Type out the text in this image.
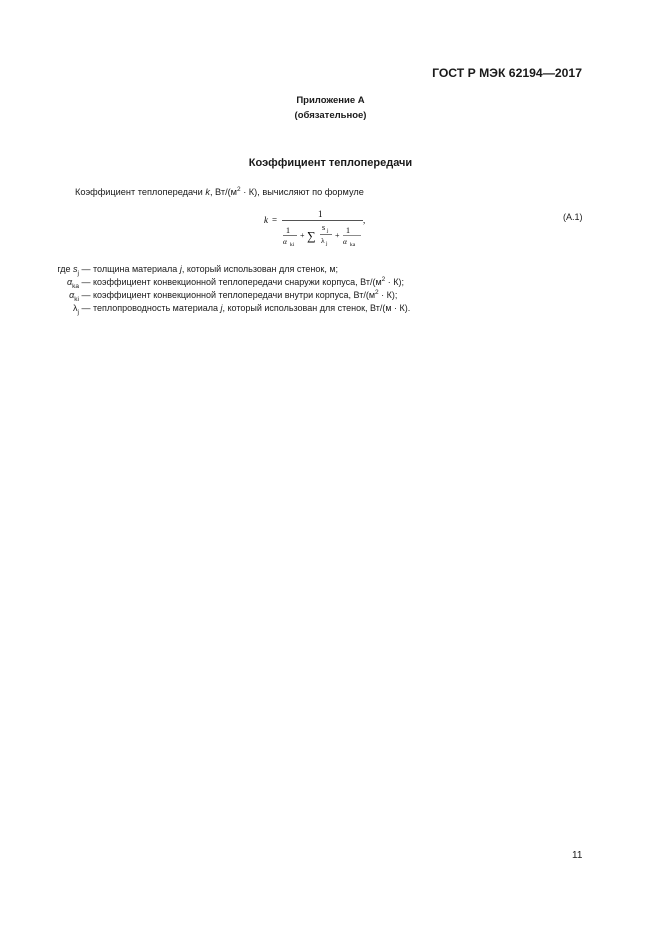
ГОСТ Р МЭК 62194—2017
Приложение А
(обязательное)
Коэффициент теплопередачи
Коэффициент теплопередачи k, $Вт/(м^2 \cdot К)$, вычисляют по формуле
k =
1
1
α ki
+ ∑
s j
λ j
+
1
α ka
,	(А.1)
где $s_j$ — толщина материала j, который использован для стенок, м;
$\alpha_{ka}$ — коэффициент конвекционной теплопередачи снаружи корпуса, $Вт/(м^2 \cdot К)$;
$\alpha_{ki}$ — коэффициент конвекционной теплопередачи внутри корпуса, $Вт/(м^2 \cdot К)$;
$\lambda_j$ — теплопроводность материала j, который использован для стенок, Вт/(м · К).
11
